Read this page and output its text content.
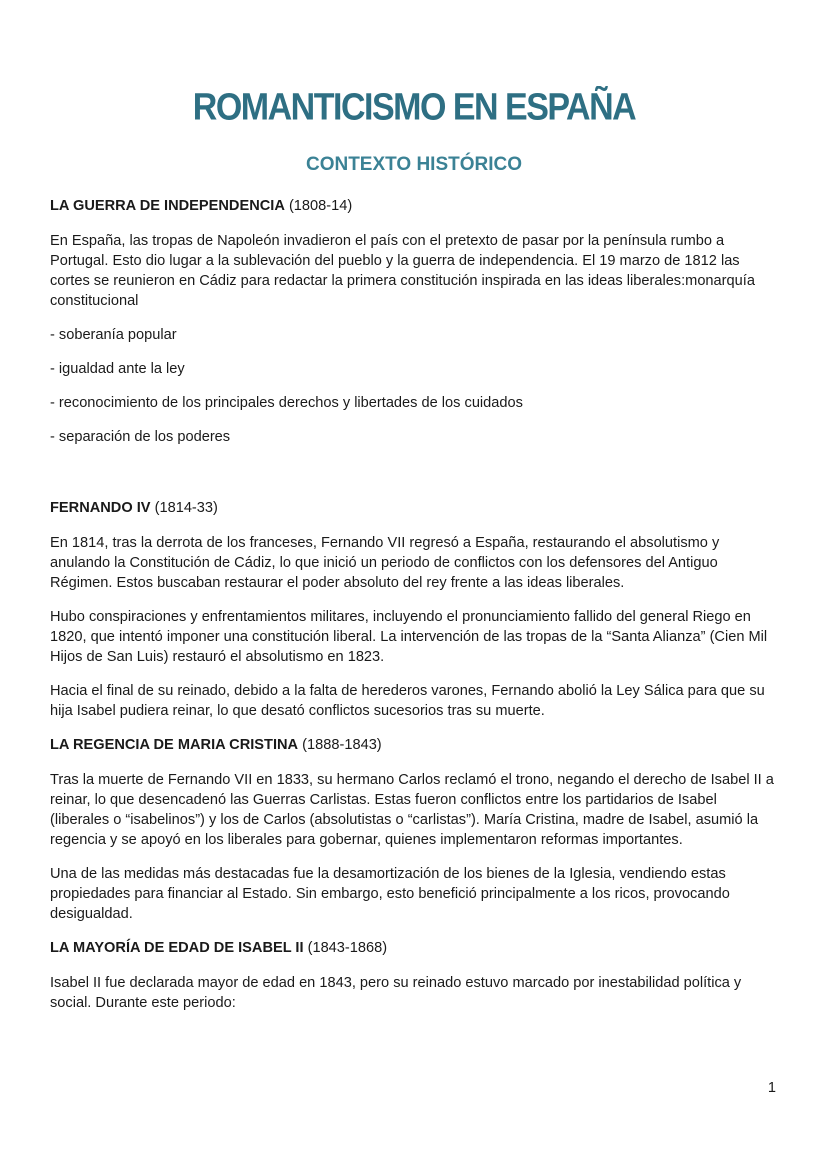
ROMANTICISMO EN ESPAÑA
CONTEXTO HISTÓRICO

LA GUERRA DE INDEPENDENCIA (1808-14)

En España, las tropas de Napoleón invadieron el país con el pretexto de pasar por la península rumbo a Portugal. Esto dio lugar a la sublevación del pueblo y la guerra de independencia. El 19 marzo de 1812 las cortes se reunieron en Cádiz para redactar la primera constitución inspirada en las ideas liberales:monarquía constitucional

- soberanía popular

- igualdad ante la ley

- reconocimiento de los principales derechos y libertades de los cuidados

- separación de los poderes

FERNANDO IV (1814-33)

En 1814, tras la derrota de los franceses, Fernando VII regresó a España, restaurando el absolutismo y anulando la Constitución de Cádiz, lo que inició un periodo de conflictos con los defensores del Antiguo Régimen. Estos buscaban restaurar el poder absoluto del rey frente a las ideas liberales.

Hubo conspiraciones y enfrentamientos militares, incluyendo el pronunciamiento fallido del general Riego en 1820, que intentó imponer una constitución liberal. La intervención de las tropas de la “Santa Alianza” (Cien Mil Hijos de San Luis) restauró el absolutismo en 1823.

Hacia el final de su reinado, debido a la falta de herederos varones, Fernando abolió la Ley Sálica para que su hija Isabel pudiera reinar, lo que desató conflictos sucesorios tras su muerte.

LA REGENCIA DE MARIA CRISTINA (1888-1843)

Tras la muerte de Fernando VII en 1833, su hermano Carlos reclamó el trono, negando el derecho de Isabel II a reinar, lo que desencadenó las Guerras Carlistas. Estas fueron conflictos entre los partidarios de Isabel (liberales o “isabelinos”) y los de Carlos (absolutistas o “carlistas”). María Cristina, madre de Isabel, asumió la regencia y se apoyó en los liberales para gobernar, quienes implementaron reformas importantes.

Una de las medidas más destacadas fue la desamortización de los bienes de la Iglesia, vendiendo estas propiedades para financiar al Estado. Sin embargo, esto benefició principalmente a los ricos, provocando desigualdad.

LA MAYORÍA DE EDAD DE ISABEL II (1843-1868)

Isabel II fue declarada mayor de edad en 1843, pero su reinado estuvo marcado por inestabilidad política y social. Durante este periodo:

1
